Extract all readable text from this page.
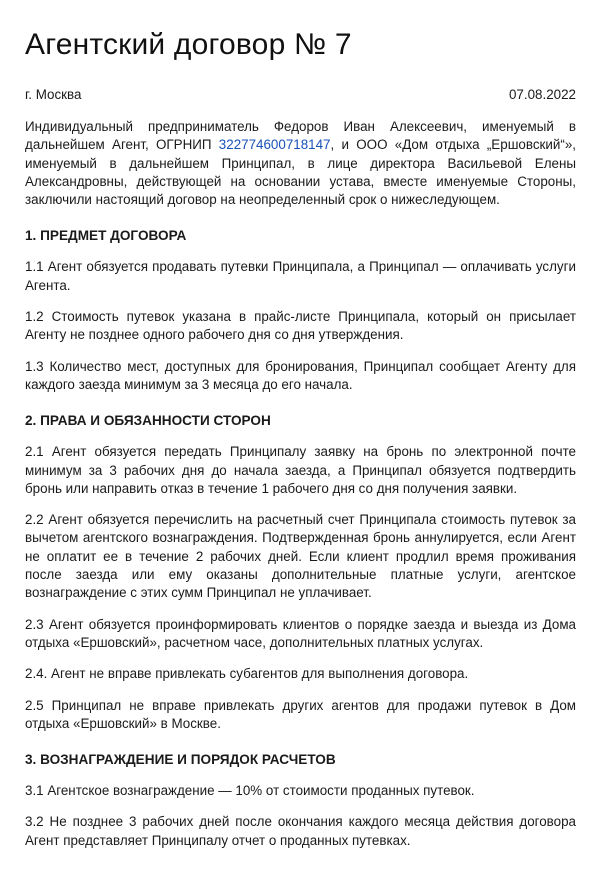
Агентский договор № 7
г. Москва	07.08.2022

Индивидуальный предприниматель Федоров Иван Алексеевич, именуемый в дальнейшем Агент, ОГРНИП 322774600718147, и ООО «Дом отдыха „Ершовский“», именуемый в дальнейшем Принципал, в лице директора Васильевой Елены Александровны, действующей на основании устава, вместе именуемые Стороны, заключили настоящий договор на неопределенный срок о нижеследующем.

1. ПРЕДМЕТ ДОГОВОРА

1.1 Агент обязуется продавать путевки Принципала, а Принципал — оплачивать услуги Агента.

1.2 Стоимость путевок указана в прайс-листе Принципала, который он присылает Агенту не позднее одного рабочего дня со дня утверждения.

1.3 Количество мест, доступных для бронирования, Принципал сообщает Агенту для каждого заезда минимум за 3 месяца до его начала.

2. ПРАВА И ОБЯЗАННОСТИ СТОРОН

2.1 Агент обязуется передать Принципалу заявку на бронь по электронной почте минимум за 3 рабочих дня до начала заезда, а Принципал обязуется подтвердить бронь или направить отказ в течение 1 рабочего дня со дня получения заявки.

2.2 Агент обязуется перечислить на расчетный счет Принципала стоимость путевок за вычетом агентского вознаграждения. Подтвержденная бронь аннулируется, если Агент не оплатит ее в течение 2 рабочих дней. Если клиент продлил время проживания после заезда или ему оказаны дополнительные платные услуги, агентское вознаграждение с этих сумм Принципал не уплачивает.

2.3 Агент обязуется проинформировать клиентов о порядке заезда и выезда из Дома отдыха «Ершовский», расчетном часе, дополнительных платных услугах.

2.4. Агент не вправе привлекать субагентов для выполнения договора.

2.5 Принципал не вправе привлекать других агентов для продажи путевок в Дом отдыха «Ершовский» в Москве.

3. ВОЗНАГРАЖДЕНИЕ И ПОРЯДОК РАСЧЕТОВ

3.1 Агентское вознаграждение — 10% от стоимости проданных путевок.

3.2 Не позднее 3 рабочих дней после окончания каждого месяца действия договора Агент представляет Принципалу отчет о проданных путевках.
